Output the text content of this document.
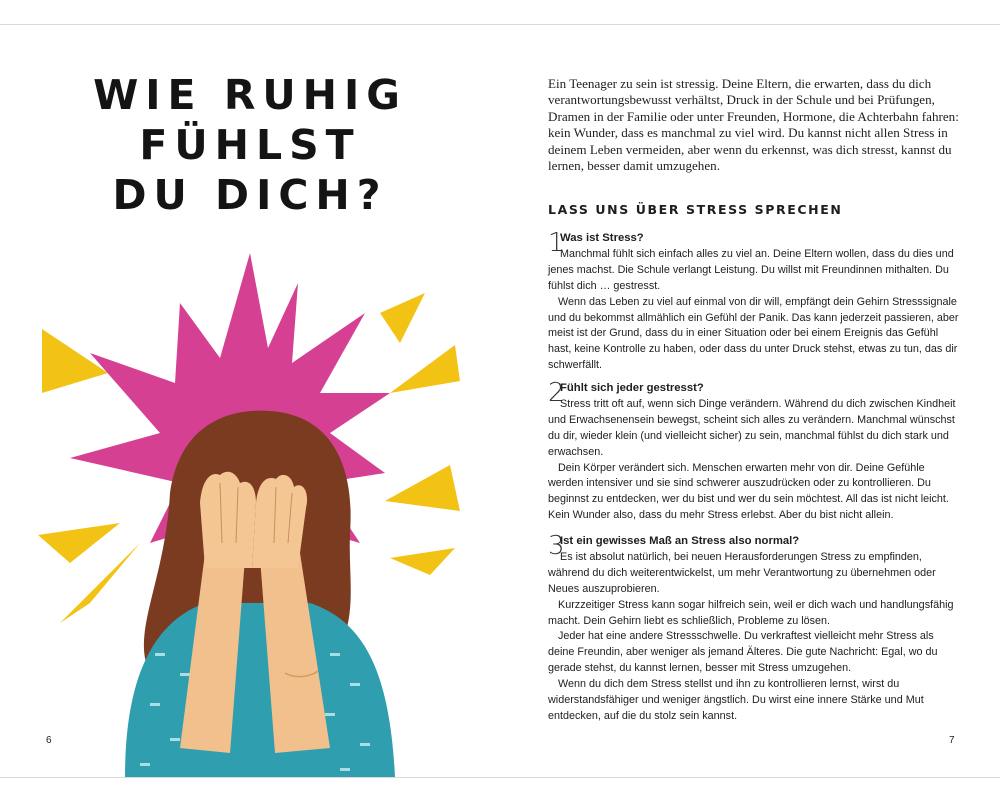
WIE RUHIG
FÜHLST
DU DICH?
6
Ein Teenager zu sein ist stressig. Deine Eltern, die erwarten, dass du dich verantwortungsbewusst verhältst, Druck in der Schule und bei Prüfungen, Dramen in der Familie oder unter Freunden, Hormone, die Achterbahn fahren: kein Wunder, dass es manchmal zu viel wird. Du kannst nicht allen Stress in deinem Leben vermeiden, aber wenn du erkennst, was dich stresst, kannst du lernen, besser damit umzugehen.
LASS UNS ÜBER STRESS SPRECHEN
1
Was ist Stress?

Manchmal fühlt sich einfach alles zu viel an. Deine Eltern wollen, dass du dies und jenes machst. Die Schule verlangt Leistung. Du willst mit Freundinnen mithalten. Du fühlst dich … gestresst.

Wenn das Leben zu viel auf einmal von dir will, empfängt dein Gehirn Stresssignale und du bekommst allmählich ein Gefühl der Panik. Das kann jederzeit passieren, aber meist ist der Grund, dass du in einer Situation oder bei einem Ereignis das Gefühl hast, keine Kontrolle zu haben, oder dass du unter Druck stehst, etwas zu tun, das dir schwerfällt.

2
Fühlt sich jeder gestresst?

Stress tritt oft auf, wenn sich Dinge verändern. Während du dich zwischen Kindheit und Erwachsenensein bewegst, scheint sich alles zu verändern. Manchmal wünschst du dir, wieder klein (und vielleicht sicher) zu sein, manchmal fühlst du dich stark und erwachsen.

Dein Körper verändert sich. Menschen erwarten mehr von dir. Deine Gefühle werden intensiver und sie sind schwerer auszudrücken oder zu kontrollieren. Du beginnst zu entdecken, wer du bist und wer du sein möchtest. All das ist nicht leicht. Kein Wunder also, dass du mehr Stress erlebst. Aber du bist nicht allein.

3
Ist ein gewisses Maß an Stress also normal?

Es ist absolut natürlich, bei neuen Herausforderungen Stress zu empfinden, während du dich weiterentwickelst, um mehr Verantwortung zu übernehmen oder Neues auszuprobieren.

Kurzzeitiger Stress kann sogar hilfreich sein, weil er dich wach und handlungsfähig macht. Dein Gehirn liebt es schließlich, Probleme zu lösen.

Jeder hat eine andere Stressschwelle. Du verkraftest vielleicht mehr Stress als deine Freundin, aber weniger als jemand Älteres. Die gute Nachricht: Egal, wo du gerade stehst, du kannst lernen, besser mit Stress umzugehen.

Wenn du dich dem Stress stellst und ihn zu kontrollieren lernst, wirst du widerstandsfähiger und weniger ängstlich. Du wirst eine innere Stärke und Mut entdecken, auf die du stolz sein kannst.

7
